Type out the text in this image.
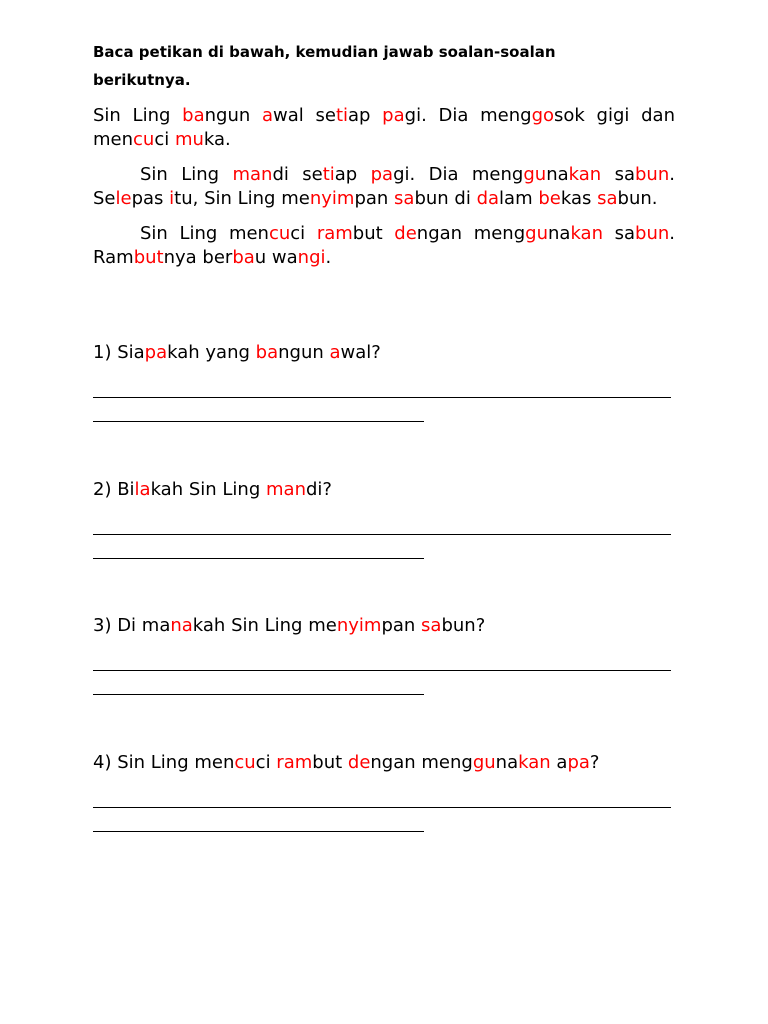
Baca petikan di bawah, kemudian jawab soalan-soalan
berikutnya.

Sin Ling bangun awal setiap pagi. Dia menggosok gigi dan mencuci muka.

Sin Ling mandi setiap pagi. Dia menggunakan sabun. Selepas itu, Sin Ling menyimpan sabun di dalam bekas sabun.

Sin Ling mencuci rambut dengan menggunakan sabun. Rambutnya berbau wangi.

1) Siapakah yang bangun awal?
2) Bilakah Sin Ling mandi?
3) Di manakah Sin Ling menyimpan sabun?
4) Sin Ling mencuci rambut dengan menggunakan apa?
